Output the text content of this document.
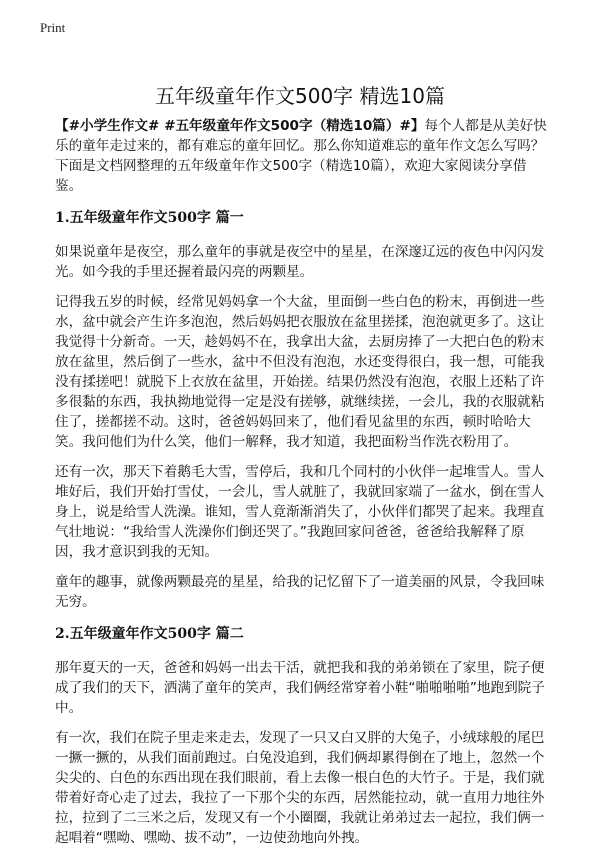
Print
五年级童年作文500字 精选10篇

【#小学生作文# #五年级童年作文500字（精选10篇）#】每个人都是从美好快乐的童年走过来的，都有难忘的童年回忆。那么你知道难忘的童年作文怎么写吗？下面是文档网整理的五年级童年作文500字（精选10篇），欢迎大家阅读分享借鉴。

1.五年级童年作文500字 篇一

如果说童年是夜空，那么童年的事就是夜空中的星星，在深邃辽远的夜色中闪闪发光。如今我的手里还握着最闪亮的两颗星。

记得我五岁的时候，经常见妈妈拿一个大盆，里面倒一些白色的粉末，再倒进一些水，盆中就会产生许多泡泡，然后妈妈把衣服放在盆里搓揉，泡泡就更多了。这让我觉得十分新奇。一天，趁妈妈不在，我拿出大盆，去厨房捧了一大把白色的粉末放在盆里，然后倒了一些水，盆中不但没有泡泡，水还变得很白，我一想，可能我没有揉搓吧！就脱下上衣放在盆里，开始搓。结果仍然没有泡泡，衣服上还粘了许多很黏的东西，我执拗地觉得一定是没有搓够，就继续搓，一会儿，我的衣服就粘住了，搓都搓不动。这时，爸爸妈妈回来了，他们看见盆里的东西，顿时哈哈大笑。我问他们为什么笑，他们一解释，我才知道，我把面粉当作洗衣粉用了。

还有一次，那天下着鹅毛大雪，雪停后，我和几个同村的小伙伴一起堆雪人。雪人堆好后，我们开始打雪仗，一会儿，雪人就脏了，我就回家端了一盆水，倒在雪人身上，说是给雪人洗澡。谁知，雪人竟渐渐消失了，小伙伴们都哭了起来。我理直气壮地说：“我给雪人洗澡你们倒还哭了。”我跑回家问爸爸，爸爸给我解释了原因，我才意识到我的无知。

童年的趣事，就像两颗最亮的星星，给我的记忆留下了一道美丽的风景，令我回味无穷。

2.五年级童年作文500字 篇二

那年夏天的一天，爸爸和妈妈一出去干活，就把我和我的弟弟锁在了家里，院子便成了我们的天下，洒满了童年的笑声，我们俩经常穿着小鞋“啪啪啪啪”地跑到院子中。

有一次，我们在院子里走来走去，发现了一只又白又胖的大兔子，小绒球般的尾巴一撅一撅的，从我们面前跑过。白兔没追到，我们俩却累得倒在了地上，忽然一个尖尖的、白色的东西出现在我们眼前，看上去像一根白色的大竹子。于是，我们就带着好奇心走了过去，我拉了一下那个尖的东西，居然能拉动，就一直用力地往外拉，拉到了二三米之后，发现又有一个小圈圈，我就让弟弟过去一起拉，我们俩一起唱着“嘿呦、嘿呦、拔不动”，一边使劲地向外拽。
